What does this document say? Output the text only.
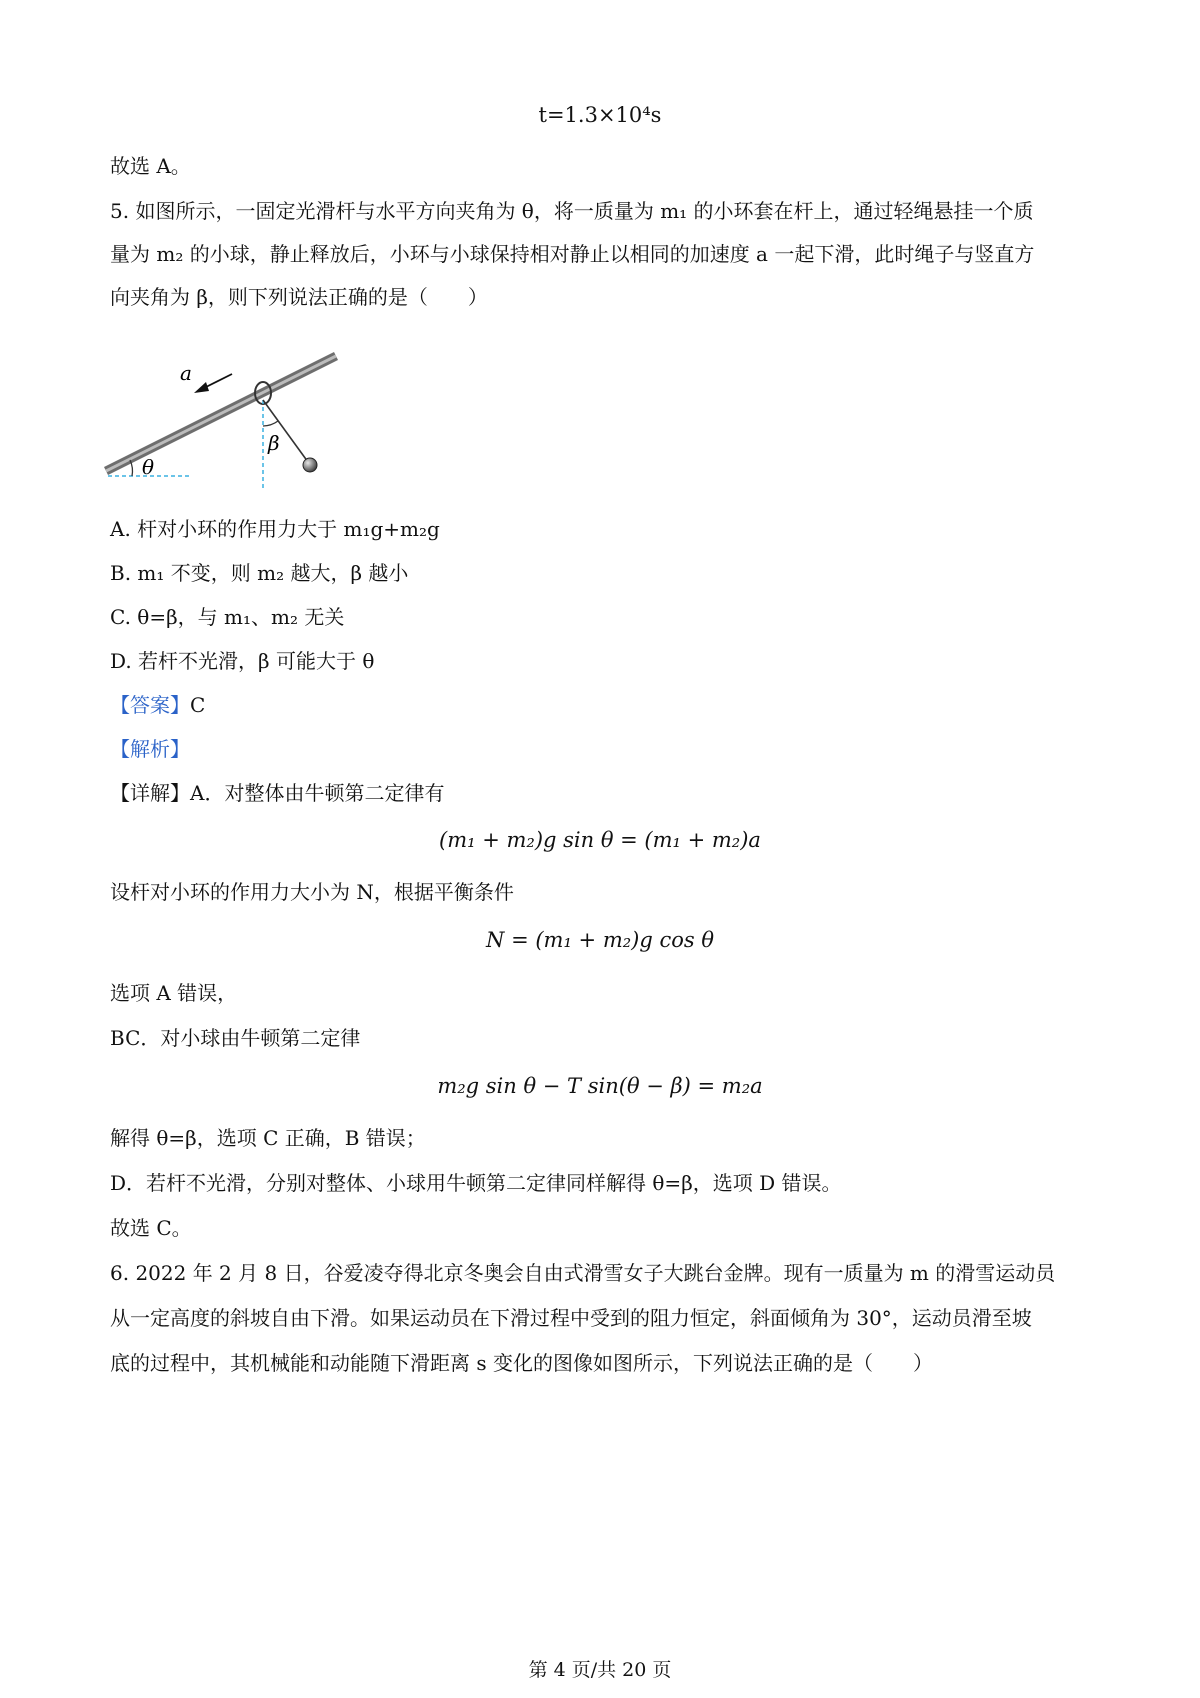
t=1.3×10⁴s
故选 A。
5. 如图所示，一固定光滑杆与水平方向夹角为 θ，将一质量为 m₁ 的小环套在杆上，通过轻绳悬挂一个质
量为 m₂ 的小球，静止释放后，小环与小球保持相对静止以相同的加速度 a 一起下滑，此时绳子与竖直方
向夹角为 β，则下列说法正确的是（　　）
θ
β
a
A. 杆对小环的作用力大于 m₁g+m₂g
B. m₁ 不变，则 m₂ 越大，β 越小
C. θ=β，与 m₁、m₂ 无关
D. 若杆不光滑，β 可能大于 θ
【答案】C
【解析】
【详解】A．对整体由牛顿第二定律有
(m₁ + m₂)g sin θ = (m₁ + m₂)a
设杆对小环的作用力大小为 N，根据平衡条件
N = (m₁ + m₂)g cos θ
选项 A 错误，
BC．对小球由牛顿第二定律
m₂g sin θ − T sin(θ − β) = m₂a
解得 θ=β，选项 C 正确，B 错误；
D．若杆不光滑，分别对整体、小球用牛顿第二定律同样解得 θ=β，选项 D 错误。
故选 C。
6. 2022 年 2 月 8 日，谷爱凌夺得北京冬奥会自由式滑雪女子大跳台金牌。现有一质量为 m 的滑雪运动员
从一定高度的斜坡自由下滑。如果运动员在下滑过程中受到的阻力恒定，斜面倾角为 30°，运动员滑至坡
底的过程中，其机械能和动能随下滑距离 s 变化的图像如图所示，下列说法正确的是（　　）
第 4 页/共 20 页
